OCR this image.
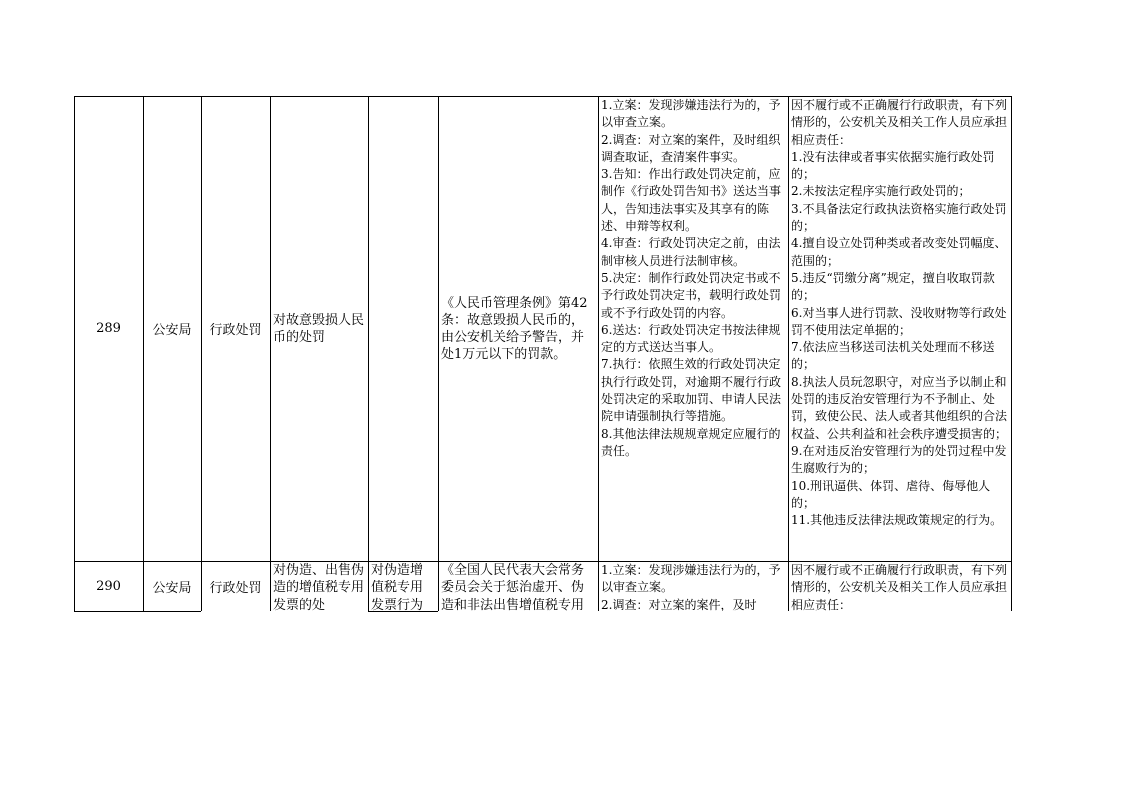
289 公安局 行政处罚
对故意毁损人民币的处罚
《人民币管理条例》第42条：故意毁损人民币的，由公安机关给予警告，并处1万元以下的罚款。
1.立案：发现涉嫌违法行为的，予以审查立案。
2.调查：对立案的案件，及时组织调查取证，查清案件事实。
3.告知：作出行政处罚决定前，应制作《行政处罚告知书》送达当事人，告知违法事实及其享有的陈述、申辩等权利。
4.审查：行政处罚决定之前，由法制审核人员进行法制审核。
5.决定：制作行政处罚决定书或不予行政处罚决定书，载明行政处罚或不予行政处罚的内容。
6.送达：行政处罚决定书按法律规定的方式送达当事人。
7.执行：依照生效的行政处罚决定执行行政处罚，对逾期不履行行政处罚决定的采取加罚、申请人民法院申请强制执行等措施。
8.其他法律法规规章规定应履行的责任。
因不履行或不正确履行行政职责，有下列情形的，公安机关及相关工作人员应承担相应责任：
1.没有法律或者事实依据实施行政处罚的；
2.未按法定程序实施行政处罚的；
3.不具备法定行政执法资格实施行政处罚的；
4.擅自设立处罚种类或者改变处罚幅度、范围的；
5.违反“罚缴分离”规定，擅自收取罚款的；
6.对当事人进行罚款、没收财物等行政处罚不使用法定单据的；
7.依法应当移送司法机关处理而不移送的；
8.执法人员玩忽职守，对应当予以制止和处罚的违反治安管理行为不予制止、处罚，致使公民、法人或者其他组织的合法权益、公共利益和社会秩序遭受损害的；
9.在对违反治安管理行为的处罚过程中发生腐败行为的；
10.刑讯逼供、体罚、虐待、侮辱他人的；
11.其他违反法律法规政策规定的行为。
290 公安局 行政处罚
对伪造、出售伪造的增值税专用发票的处
对伪造增值税专用发票行为
《全国人民代表大会常务委员会关于惩治虚开、伪造和非法出售增值税专用
1.立案：发现涉嫌违法行为的，予以审查立案。
2.调查：对立案的案件，及时
因不履行或不正确履行行政职责，有下列情形的，公安机关及相关工作人员应承担相应责任：
